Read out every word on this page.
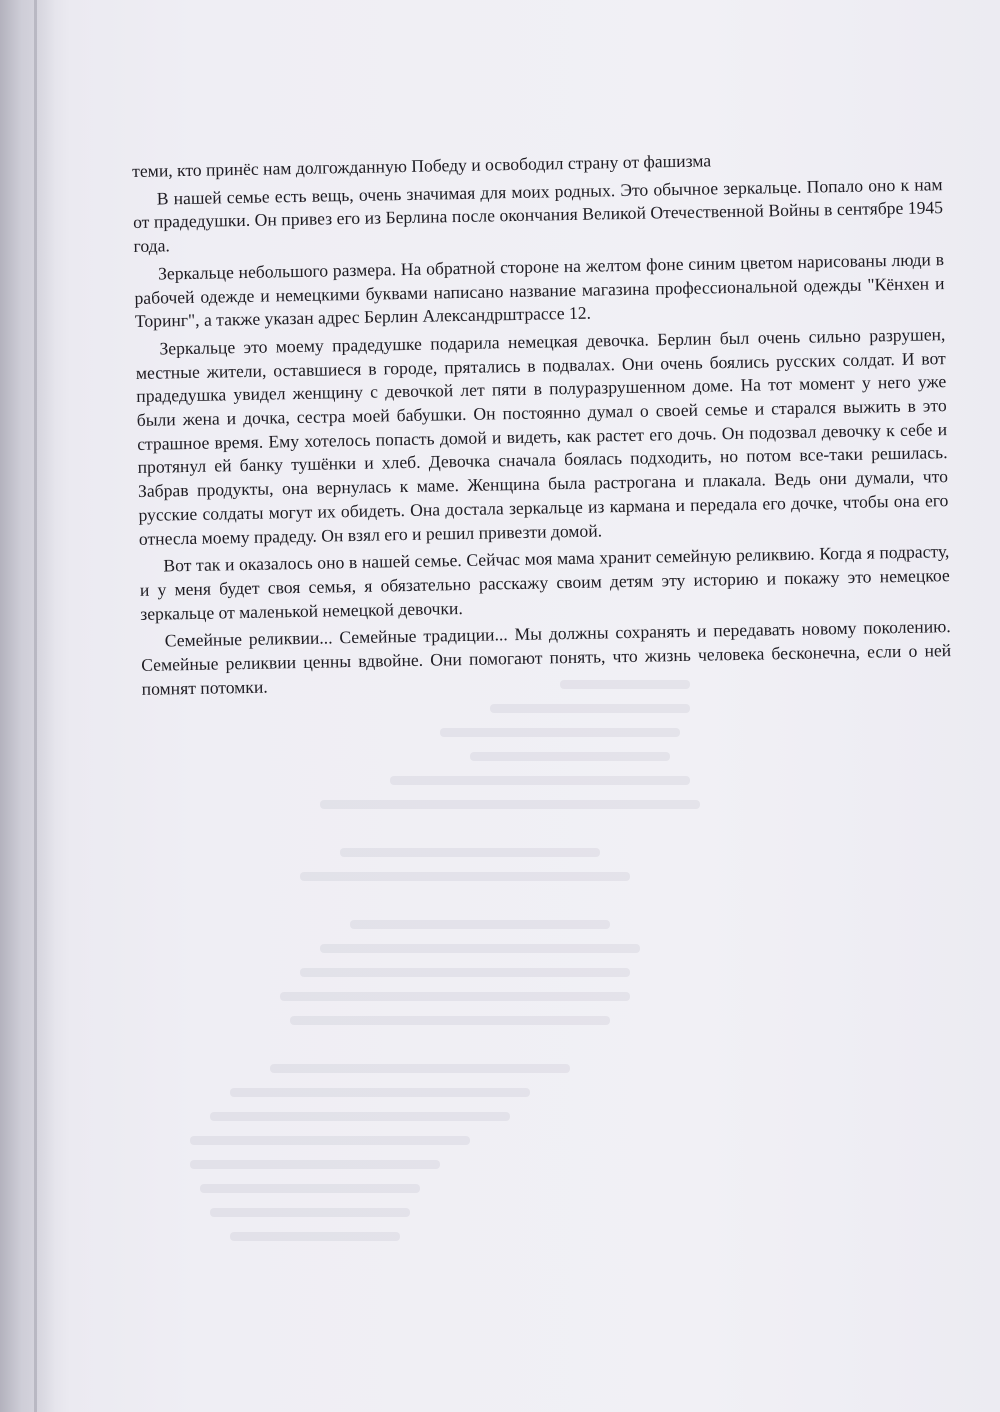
теми, кто принёс нам долгожданную Победу и освободил страну от фашизма

В нашей семье есть вещь, очень значимая для моих родных. Это обычное зеркальце. Попало оно к нам от прадедушки. Он привез его из Берлина после окончания Великой Отечественной Войны в сентябре 1945 года.

Зеркальце небольшого размера. На обратной стороне на желтом фоне синим цветом нарисованы люди в рабочей одежде и немецкими буквами написано название магазина профессиональной одежды "Кёнхен и Торинг", а также указан адрес Берлин Александрштрассе 12.

Зеркальце это моему прадедушке подарила немецкая девочка. Берлин был очень сильно разрушен, местные жители, оставшиеся в городе, прятались в подвалах. Они очень боялись русских солдат. И вот прадедушка увидел женщину с девочкой лет пяти в полуразрушенном доме. На тот момент у него уже были жена и дочка, сестра моей бабушки. Он постоянно думал о своей семье и старался выжить в это страшное время. Ему хотелось попасть домой и видеть, как растет его дочь. Он подозвал девочку к себе и протянул ей банку тушёнки и хлеб. Девочка сначала боялась подходить, но потом все-таки решилась. Забрав продукты, она вернулась к маме. Женщина была растрогана и плакала. Ведь они думали, что русские солдаты могут их обидеть. Она достала зеркальце из кармана и передала его дочке, чтобы она его отнесла моему прадеду. Он взял его и решил привезти домой.

Вот так и оказалось оно в нашей семье. Сейчас моя мама хранит семейную реликвию. Когда я подрасту, и у меня будет своя семья, я обязательно расскажу своим детям эту историю и покажу это немецкое зеркальце от маленькой немецкой девочки.

Семейные реликвии... Семейные традиции... Мы должны сохранять и передавать новому поколению. Семейные реликвии ценны вдвойне. Они помогают понять, что жизнь человека бесконечна, если о ней помнят потомки.
